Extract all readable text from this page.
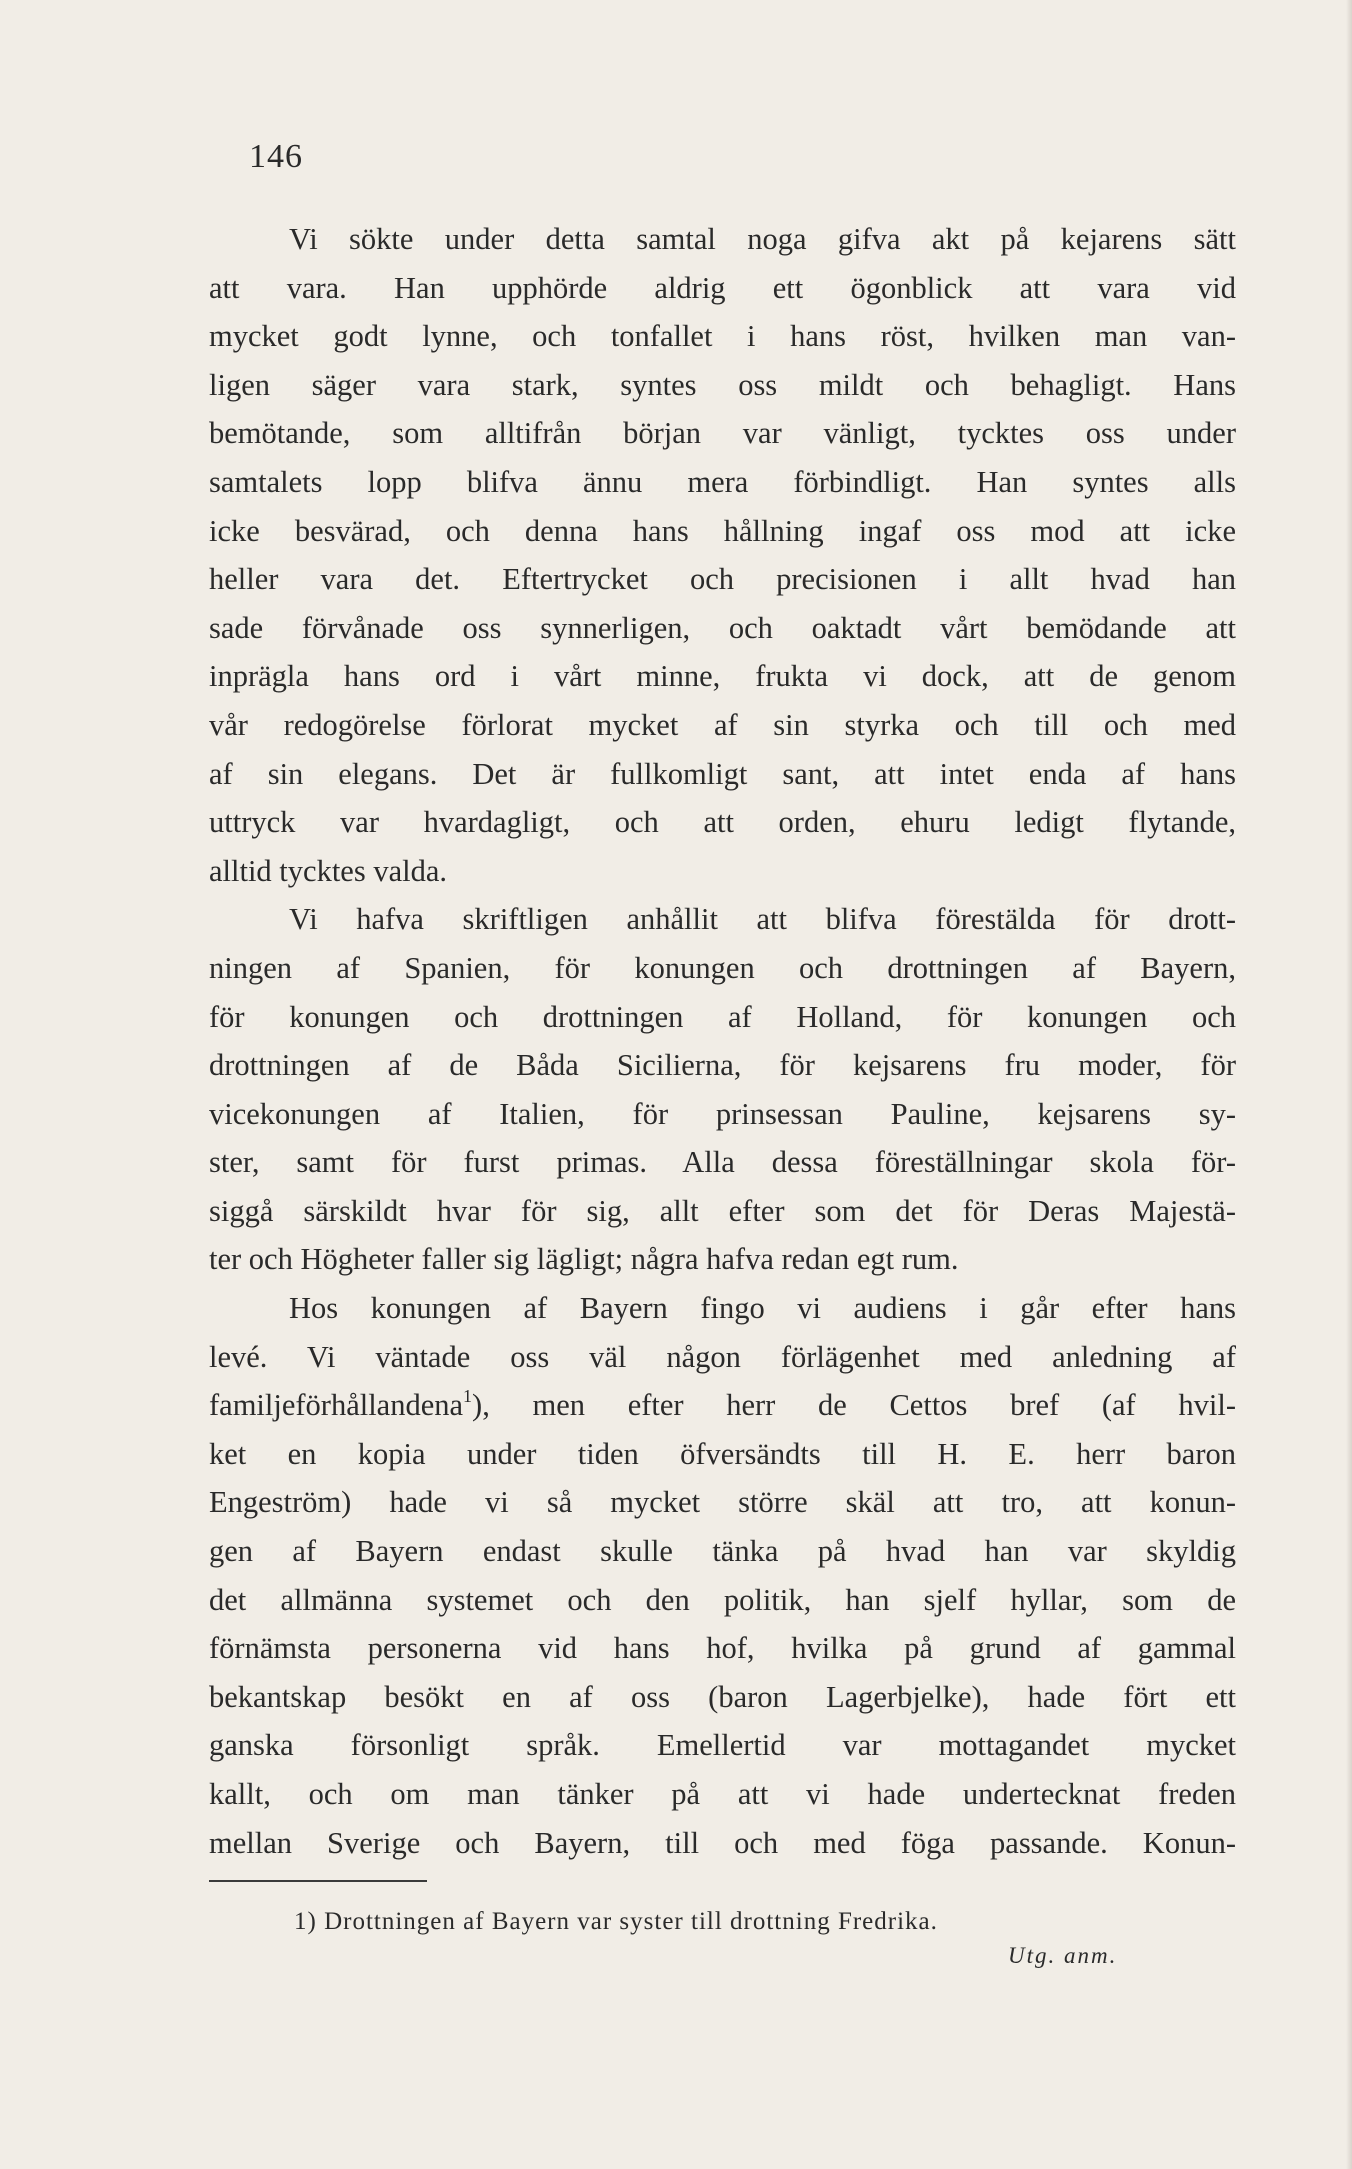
146
Vi sökte under detta samtal noga gifva akt på kejarens sätt
att vara. Han upphörde aldrig ett ögonblick att vara vid
mycket godt lynne, och tonfallet i hans röst, hvilken man van-
ligen säger vara stark, syntes oss mildt och behagligt. Hans
bemötande, som alltifrån början var vänligt, tycktes oss under
samtalets lopp blifva ännu mera förbindligt. Han syntes alls
icke besvärad, och denna hans hållning ingaf oss mod att icke
heller vara det. Eftertrycket och precisionen i allt hvad han
sade förvånade oss synnerligen, och oaktadt vårt bemödande att
inprägla hans ord i vårt minne, frukta vi dock, att de genom
vår redogörelse förlorat mycket af sin styrka och till och med
af sin elegans. Det är fullkomligt sant, att intet enda af hans
uttryck var hvardagligt, och att orden, ehuru ledigt flytande,
alltid tycktes valda.
Vi hafva skriftligen anhållit att blifva förestälda för drott-
ningen af Spanien, för konungen och drottningen af Bayern,
för konungen och drottningen af Holland, för konungen och
drottningen af de Båda Sicilierna, för kejsarens fru moder, för
vicekonungen af Italien, för prinsessan Pauline, kejsarens sy-
ster, samt för furst primas. Alla dessa föreställningar skola för-
siggå särskildt hvar för sig, allt efter som det för Deras Majestä-
ter och Högheter faller sig lägligt; några hafva redan egt rum.
Hos konungen af Bayern fingo vi audiens i går efter hans
levé. Vi väntade oss väl någon förlägenhet med anledning af
familjeförhållandena$^1$), men efter herr de Cettos bref (af hvil-
ket en kopia under tiden öfversändts till H. E. herr baron
Engeström) hade vi så mycket större skäl att tro, att konun-
gen af Bayern endast skulle tänka på hvad han var skyldig
det allmänna systemet och den politik, han sjelf hyllar, som de
förnämsta personerna vid hans hof, hvilka på grund af gammal
bekantskap besökt en af oss (baron Lagerbjelke), hade fört ett
ganska försonligt språk. Emellertid var mottagandet mycket
kallt, och om man tänker på att vi hade undertecknat freden
mellan Sverige och Bayern, till och med föga passande. Konun-
1) Drottningen af Bayern var syster till drottning Fredrika.
Utg. anm.
